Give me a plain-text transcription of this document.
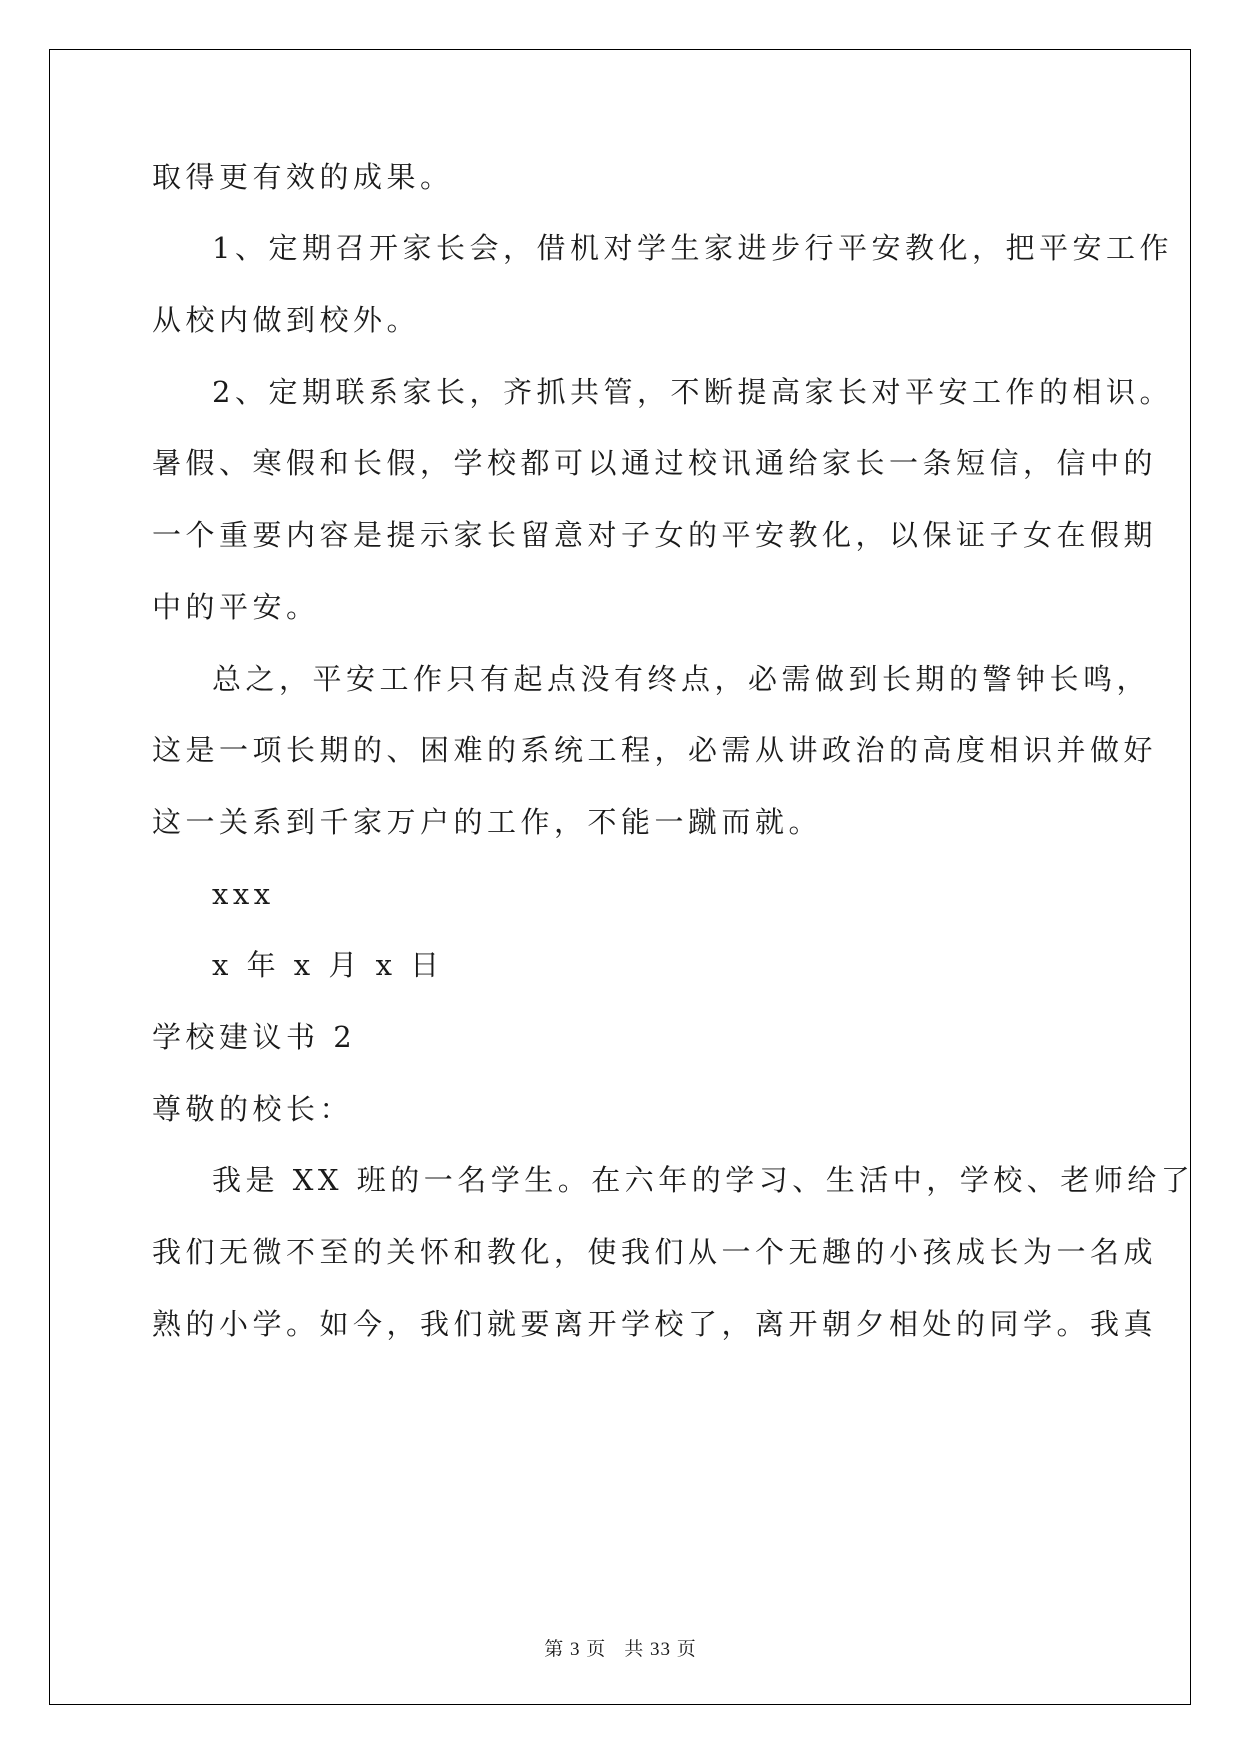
取得更有效的成果。
1、定期召开家长会，借机对学生家进步行平安教化，把平安工作
从校内做到校外。
2、定期联系家长，齐抓共管，不断提高家长对平安工作的相识。
暑假、寒假和长假，学校都可以通过校讯通给家长一条短信，信中的
一个重要内容是提示家长留意对子女的平安教化，以保证子女在假期
中的平安。
总之，平安工作只有起点没有终点，必需做到长期的警钟长鸣，
这是一项长期的、困难的系统工程，必需从讲政治的高度相识并做好
这一关系到千家万户的工作，不能一蹴而就。
xxx
x 年 x 月 x 日
学校建议书 2
尊敬的校长：
我是 XX 班的一名学生。在六年的学习、生活中，学校、老师给了
我们无微不至的关怀和教化，使我们从一个无趣的小孩成长为一名成
熟的小学。如今，我们就要离开学校了，离开朝夕相处的同学。我真
第 3 页 共 33 页
